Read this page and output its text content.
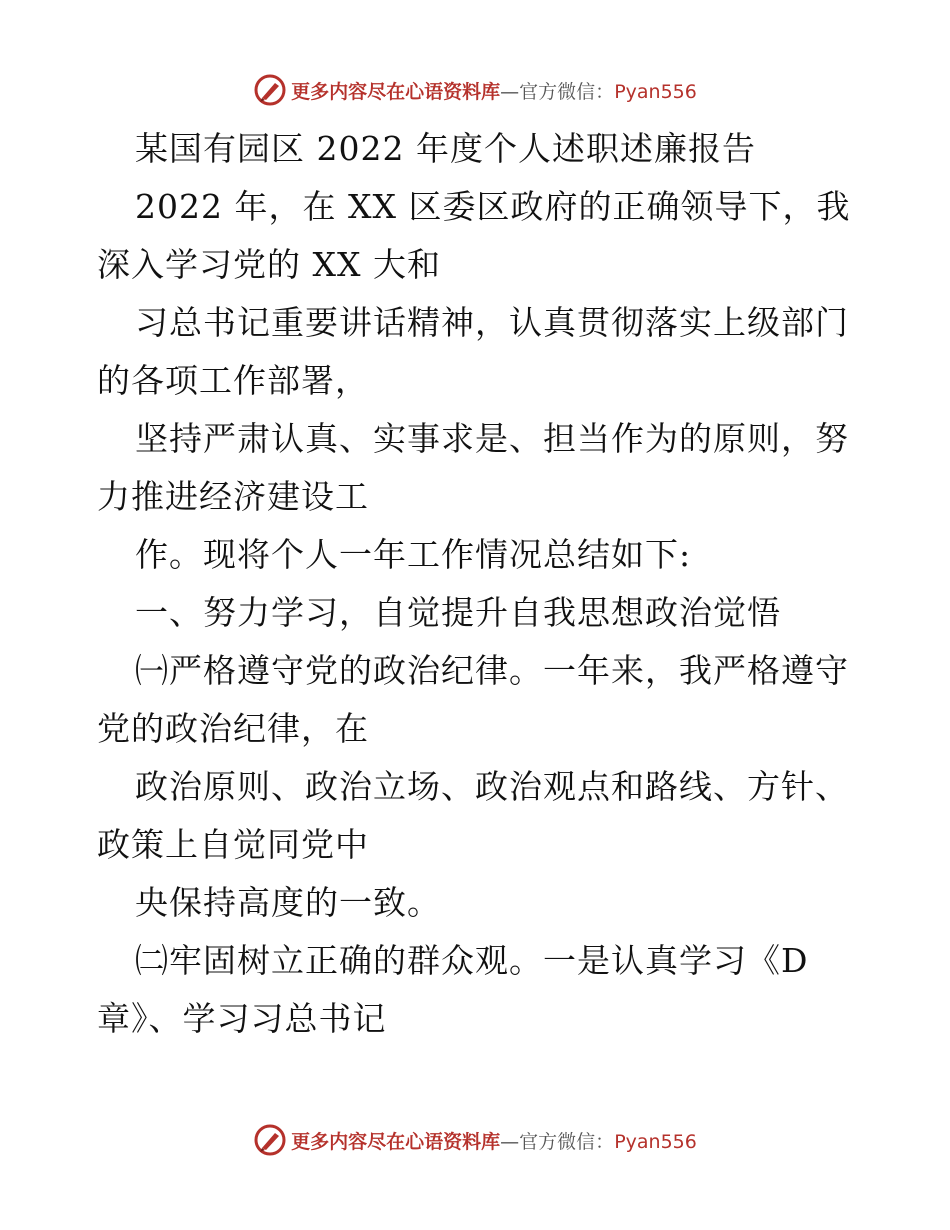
更多内容尽在心语资料库—官方微信：Pyan556
某国有园区 2022 年度个人述职述廉报告
2022 年，在 XX 区委区政府的正确领导下，我
深入学习党的 XX 大和
习总书记重要讲话精神，认真贯彻落实上级部门
的各项工作部署，
坚持严肃认真、实事求是、担当作为的原则，努
力推进经济建设工
作。现将个人一年工作情况总结如下:
一、努力学习，自觉提升自我思想政治觉悟
㈠严格遵守党的政治纪律。一年来，我严格遵守
党的政治纪律，在
政治原则、政治立场、政治观点和路线、方针、
政策上自觉同党中
央保持高度的一致。
㈡牢固树立正确的群众观。一是认真学习《D
章》、学习习总书记
更多内容尽在心语资料库—官方微信：Pyan556
